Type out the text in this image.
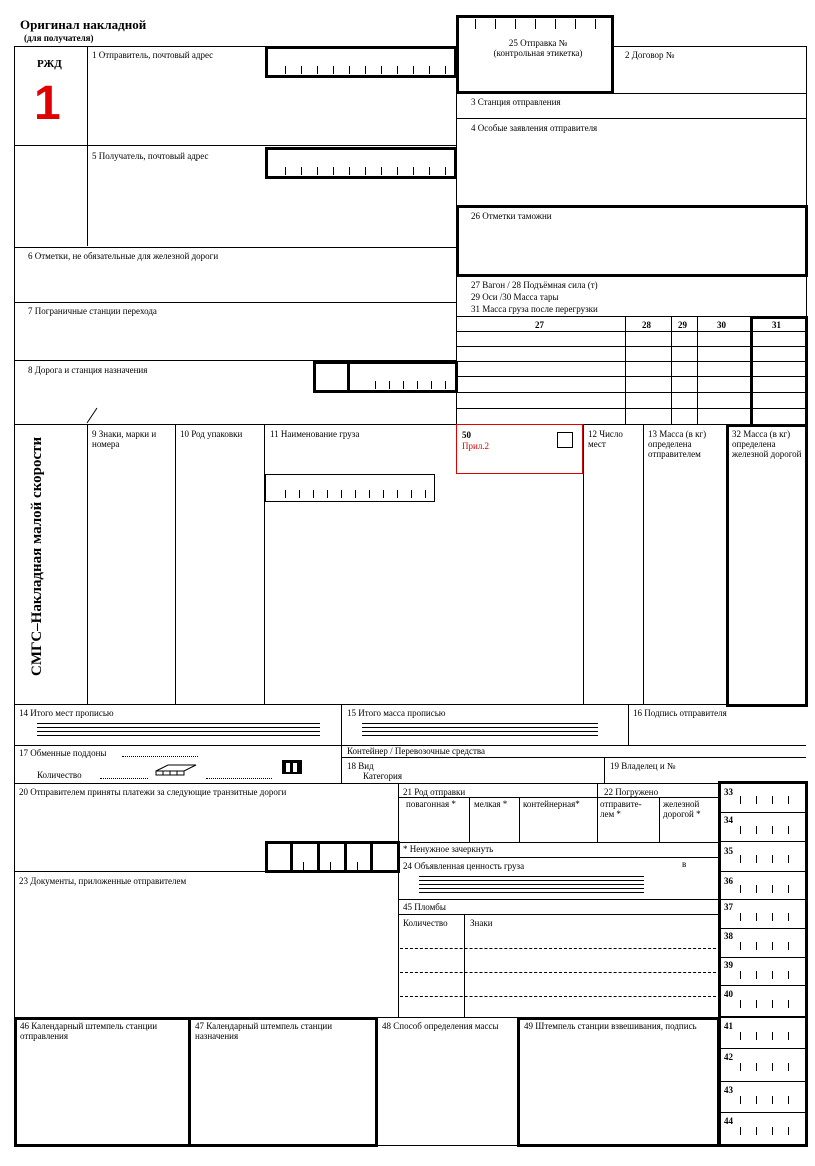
Оригинал накладной
(для получателя)
РЖД
1
1 Отправитель, почтовый адрес
5 Получатель, почтовый адрес
25 Отправка № (контрольная этикетка)	2 Договор №
3 Станция отправления
4 Особые заявления отправителя
26 Отметки таможни
27 Вагон / 28 Подъёмная сила (т)
29 Оси /30 Масса тары
31 Масса груза после перегрузки
27	28	29	30	31
6 Отметки, не обязательные для железной дороги
7 Пограничные станции перехода
8 Дорога и станция назначения
СМГС–Накладная малой скорости
9 Знаки, марки и номера
10 Род упаковки	11 Наименование груза	50
Прил.2
12 Число мест
13 Масса (в кг) определена отправителем
32 Масса (в кг) определена железной дорогой
14 Итого мест прописью	15 Итого масса прописью	16 Подпись отправителя
17 Обменные поддоны
Количество
Контейнер / Перевозочные средства
18 Вид
Категория
19 Владелец и №
33
34
35
36
37
38
39
40
41
42
43
44
20 Отправителем приняты платежи за следующие транзитные дороги	21 Род отправки	22 Погружено
повагонная * мелкая * контейнерная* отправите-лем *
железной дорогой *
* Ненужное зачеркнуть
24 Объявленная ценность груза	в
23 Документы, приложенные отправителем
45 Пломбы
Количество Знаки
46 Календарный штемпель станции отправления
47 Календарный штемпель станции назначения
48 Способ определения массы	49 Штемпель станции взвешивания, подпись
